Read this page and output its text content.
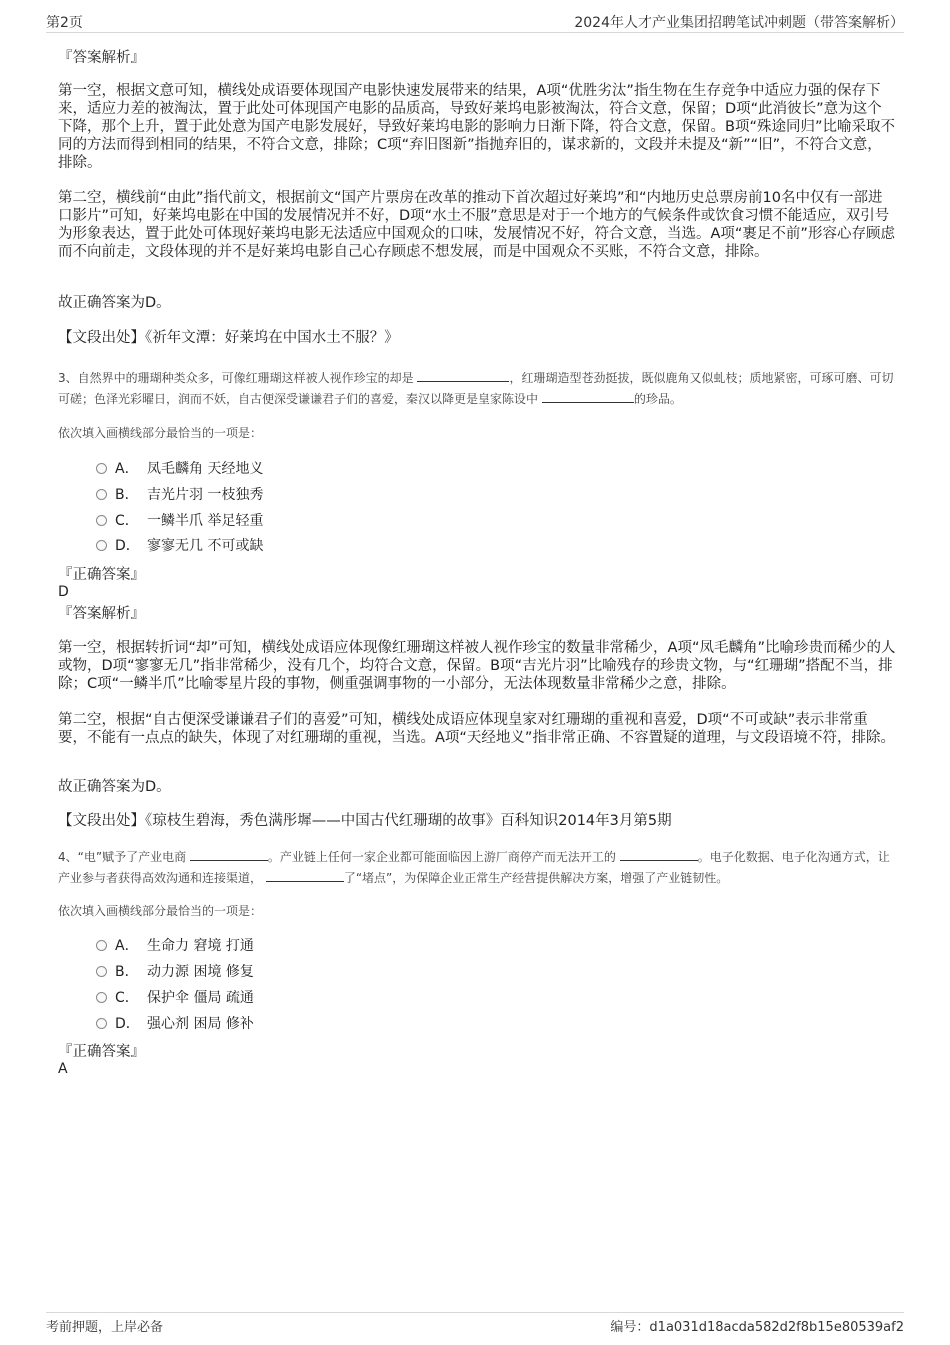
第2页	2024年人才产业集团招聘笔试冲刺题（带答案解析）
『答案解析』

第一空，根据文意可知，横线处成语要体现国产电影快速发展带来的结果，A项“优胜劣汰”指生物在生存竞争中适应力强的保存下来，适应力差的被淘汰，置于此处可体现国产电影的品质高，导致好莱坞电影被淘汰，符合文意，保留；D项“此消彼长”意为这个下降，那个上升，置于此处意为国产电影发展好，导致好莱坞电影的影响力日渐下降，符合文意，保留。B项“殊途同归”比喻采取不同的方法而得到相同的结果，不符合文意，排除；C项“弃旧图新”指抛弃旧的，谋求新的，文段并未提及“新”“旧”，不符合文意，排除。

第二空，横线前“由此”指代前文，根据前文“国产片票房在改革的推动下首次超过好莱坞”和“内地历史总票房前10名中仅有一部进口影片”可知，好莱坞电影在中国的发展情况并不好，D项“水土不服”意思是对于一个地方的气候条件或饮食习惯不能适应，双引号为形象表达，置于此处可体现好莱坞电影无法适应中国观众的口味，发展情况不好，符合文意，当选。A项“裹足不前”形容心存顾虑而不向前走，文段体现的并不是好莱坞电影自己心存顾虑不想发展，而是中国观众不买账，不符合文意，排除。

故正确答案为D。

【文段出处】《祈年文潭：好莱坞在中国水土不服？》

3、自然界中的珊瑚种类众多，可像红珊瑚这样被人视作珍宝的却是	，红珊瑚造型苍劲挺拔，既似鹿角又似虬枝；质地紧密，可琢可磨、可切可磋；色泽光彩曜日，润而不妖，自古便深受谦谦君子们的喜爱，秦汉以降更是皇家陈设中	的珍品。

依次填入画横线部分最恰当的一项是：

A． 凤毛麟角 天经地义
B． 吉光片羽 一枝独秀
C． 一鳞半爪 举足轻重
D． 寥寥无几 不可或缺
『正确答案』
D
『答案解析』

第一空，根据转折词“却”可知，横线处成语应体现像红珊瑚这样被人视作珍宝的数量非常稀少，A项“凤毛麟角”比喻珍贵而稀少的人或物，D项“寥寥无几”指非常稀少，没有几个，均符合文意，保留。B项“吉光片羽”比喻残存的珍贵文物，与“红珊瑚”搭配不当，排除；C项“一鳞半爪”比喻零星片段的事物，侧重强调事物的一小部分，无法体现数量非常稀少之意，排除。

第二空，根据“自古便深受谦谦君子们的喜爱”可知，横线处成语应体现皇家对红珊瑚的重视和喜爱，D项“不可或缺”表示非常重要，不能有一点点的缺失，体现了对红珊瑚的重视，当选。A项“天经地义”指非常正确、不容置疑的道理，与文段语境不符，排除。

故正确答案为D。

【文段出处】《琼枝生碧海，秀色满彤墀——中国古代红珊瑚的故事》百科知识2014年3月第5期

4、“电”赋予了产业电商	。产业链上任何一家企业都可能面临因上游厂商停产而无法开工的	。电子化数据、电子化沟通方式，让产业参与者获得高效沟通和连接渠道，	了“堵点”，为保障企业正常生产经营提供解决方案，增强了产业链韧性。

依次填入画横线部分最恰当的一项是：

A． 生命力 窘境 打通
B． 动力源 困境 修复
C． 保护伞 僵局 疏通
D． 强心剂 困局 修补
『正确答案』
A
考前押题，上岸必备	编号：d1a031d18acda582d2f8b15e80539af2
